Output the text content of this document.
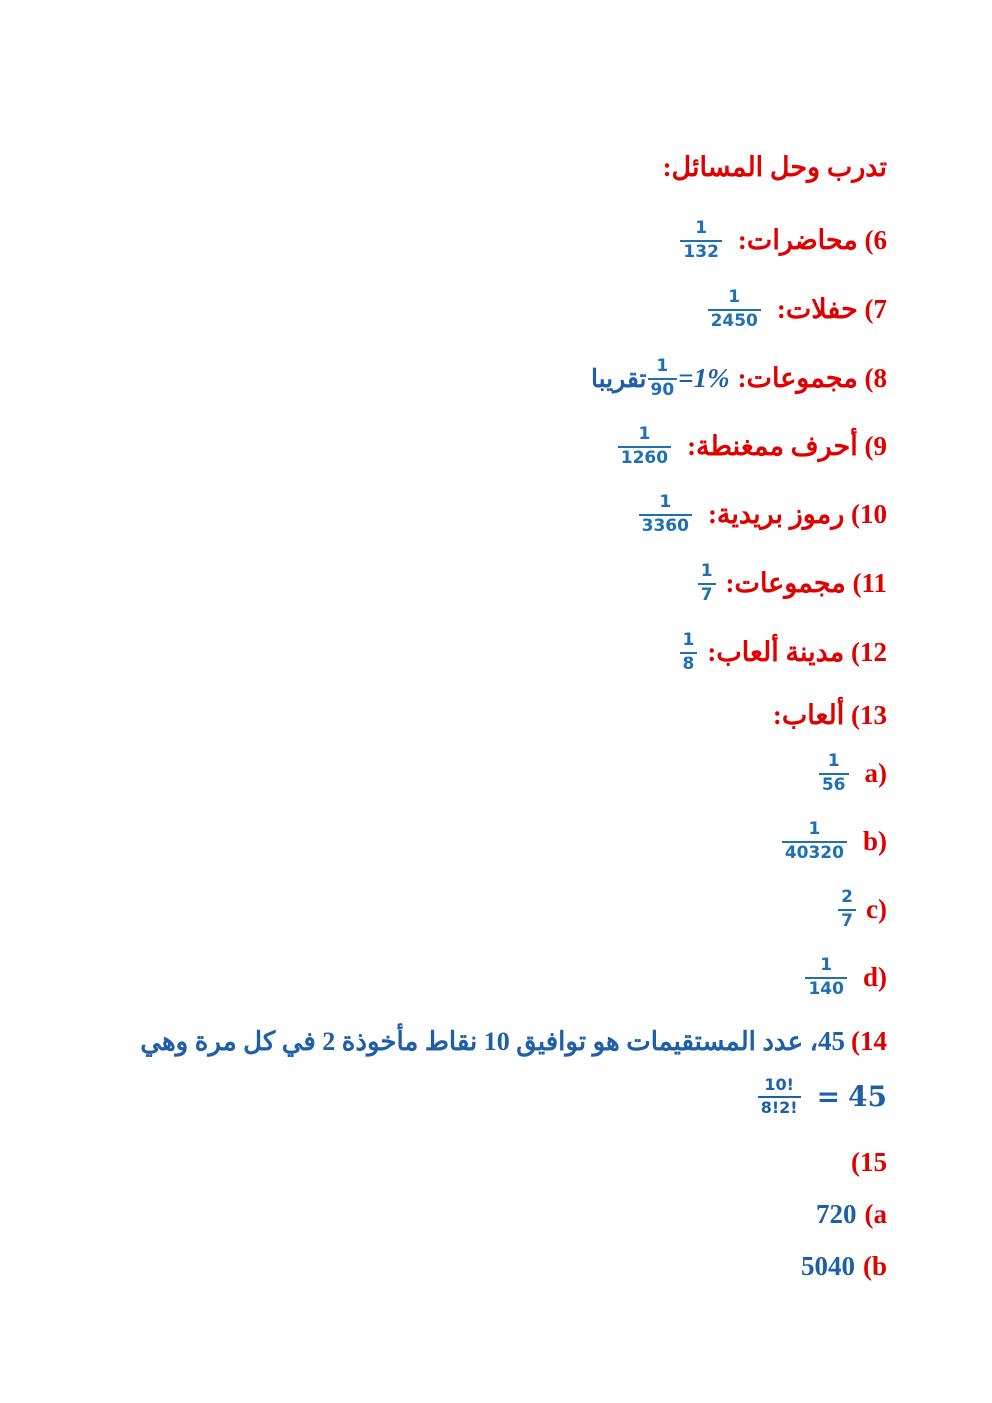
تدرب وحل المسائل:
6) محاضرات:
$\frac{1}{132}$
7) حفلات:
$\frac{1}{2450}$
8) مجموعات:
1%
=
$\frac{1}{90}$
تقريبا
9) أحرف ممغنطة:
$\frac{1}{1260}$
10) رموز بريدية:
$\frac{1}{3360}$
11) مجموعات:
$\frac{1}{7}$
12) مدينة ألعاب:
$\frac{1}{8}$
13) ألعاب:
(a
$\frac{1}{56}$
(b
$\frac{1}{40320}$
(c
$\frac{2}{7}$
(d
$\frac{1}{140}$
14)
45
، عدد المستقيمات هو توافيق 10 نقاط مأخوذة 2 في كل مرة وهي
45
=
$\frac{10!}{8!2!}$
(15
(a
720
(b
5040
